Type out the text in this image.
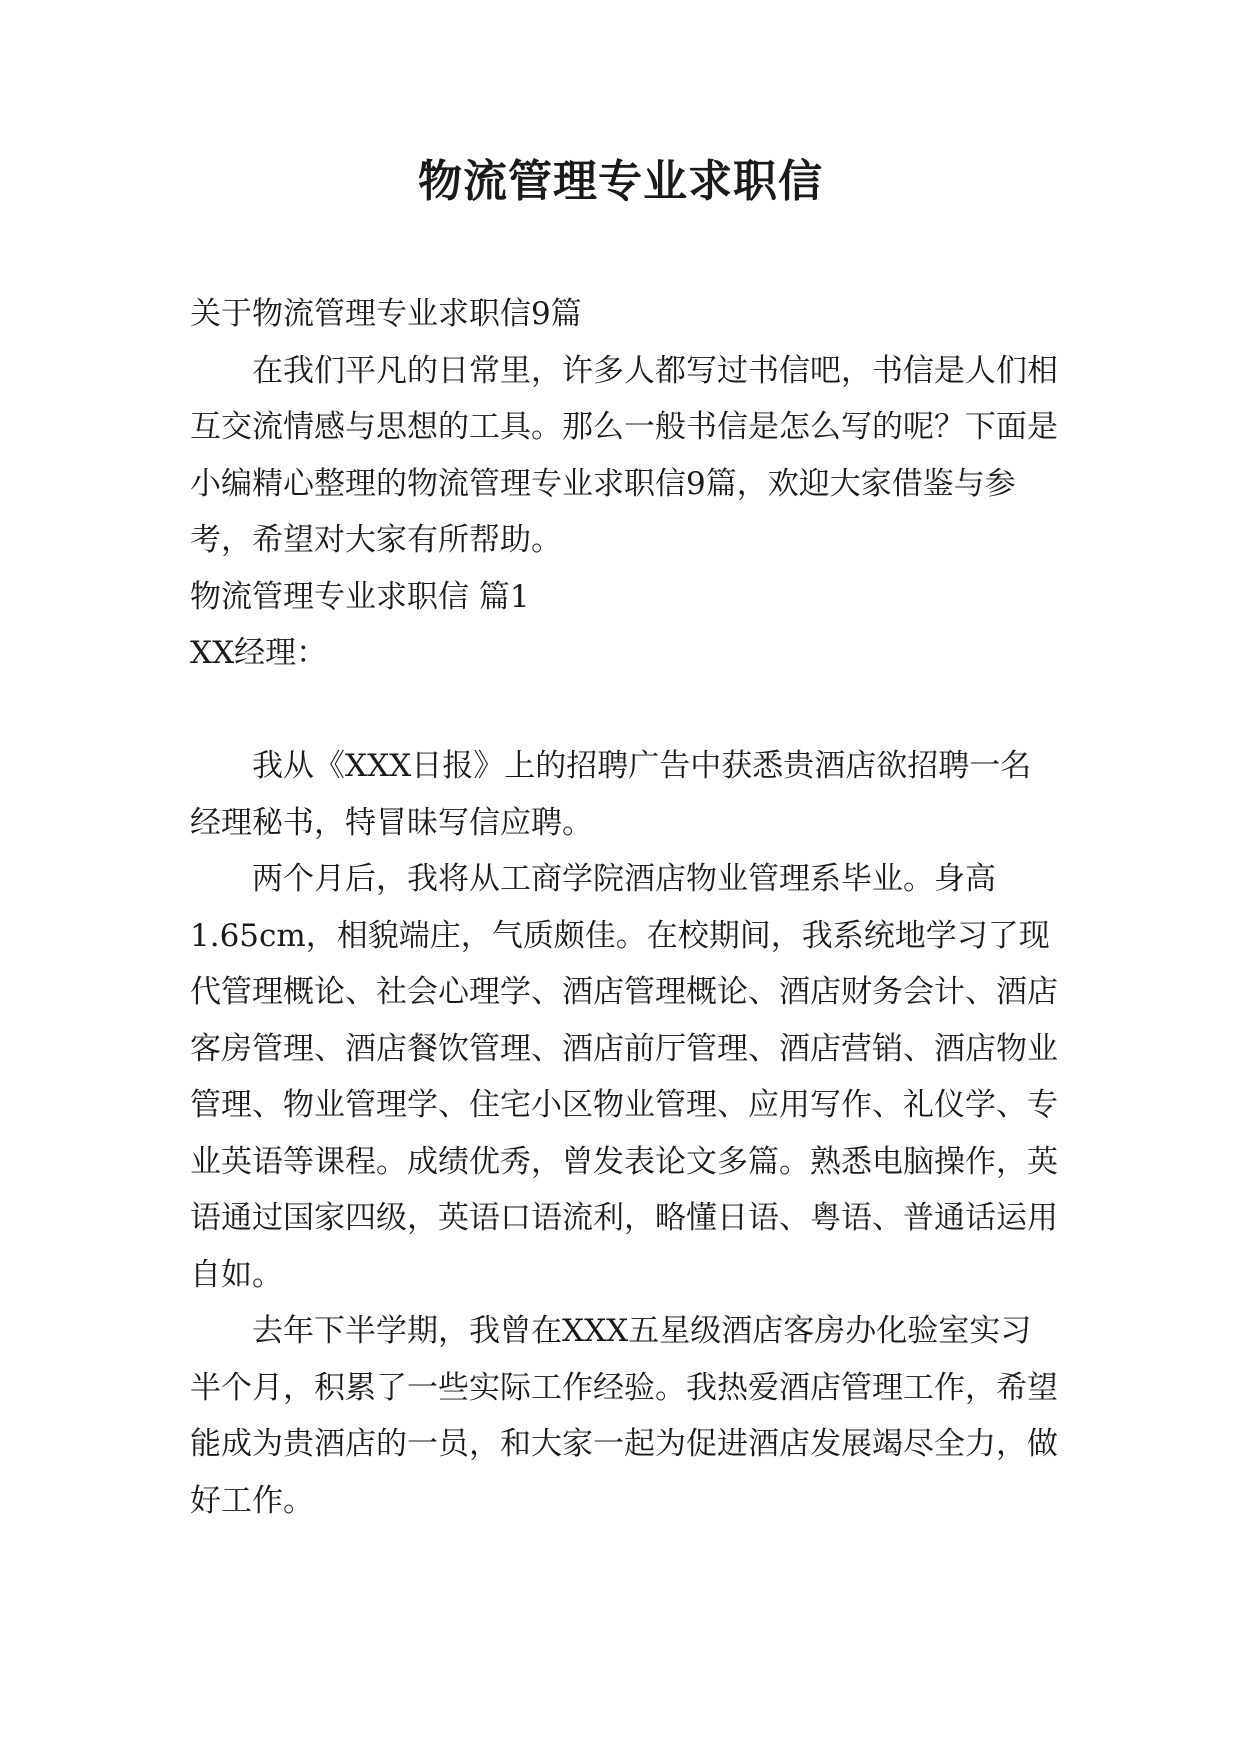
物流管理专业求职信

关于物流管理专业求职信9篇

在我们平凡的日常里，许多人都写过书信吧，书信是人们相互交流情感与思想的工具。那么一般书信是怎么写的呢？下面是小编精心整理的物流管理专业求职信9篇，欢迎大家借鉴与参考，希望对大家有所帮助。

物流管理专业求职信 篇1

XX经理：

我从《XXX日报》上的招聘广告中获悉贵酒店欲招聘一名经理秘书，特冒昧写信应聘。

两个月后，我将从工商学院酒店物业管理系毕业。身高1.65cm，相貌端庄，气质颇佳。在校期间，我系统地学习了现代管理概论、社会心理学、酒店管理概论、酒店财务会计、酒店客房管理、酒店餐饮管理、酒店前厅管理、酒店营销、酒店物业管理、物业管理学、住宅小区物业管理、应用写作、礼仪学、专业英语等课程。成绩优秀，曾发表论文多篇。熟悉电脑操作，英语通过国家四级，英语口语流利，略懂日语、粤语、普通话运用自如。

去年下半学期，我曾在XXX五星级酒店客房办化验室实习半个月，积累了一些实际工作经验。我热爱酒店管理工作，希望能成为贵酒店的一员，和大家一起为促进酒店发展竭尽全力，做好工作。
